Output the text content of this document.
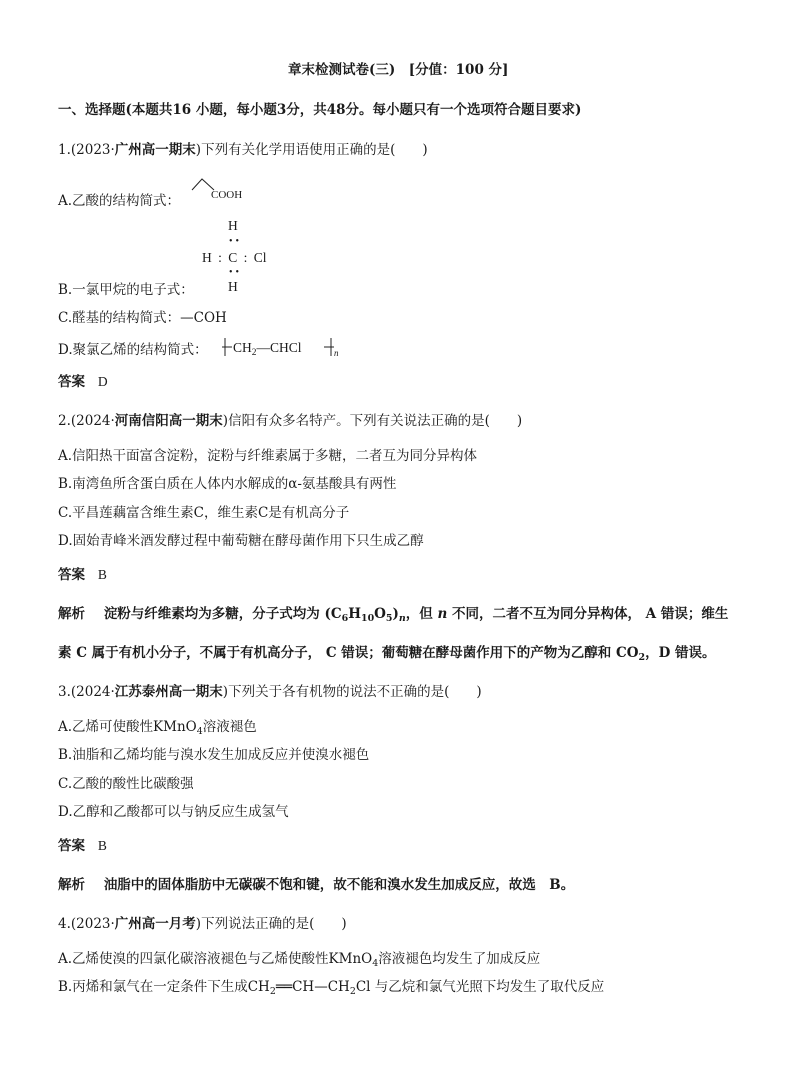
章末检测试卷(三)　[分值：100 分]
一、选择题(本题共16 小题，每小题3分，共48分。每小题只有一个选项符合题目要求)
1.(2023·广州高一期末)下列有关化学用语使用正确的是(　　)
A.乙酸的结构简式：	COOH
H
••
H : C : Cl
••
H
B.一氯甲烷的电子式：
C.醛基的结构简式：—COH
D.聚氯乙烯的结构简式： $CH_2—CHCl$	n
答案 D
2.(2024·河南信阳高一期末)信阳有众多名特产。下列有关说法正确的是(　　)
A.信阳热干面富含淀粉，淀粉与纤维素属于多糖，二者互为同分异构体
B.南湾鱼所含蛋白质在人体内水解成的α-氨基酸具有两性
C.平昌莲藕富含维生素C，维生素C是有机高分子
D.固始青峰米酒发酵过程中葡萄糖在酵母菌作用下只生成乙醇
答案 B
解析 淀粉与纤维素均为多糖，分子式均为 $(C_6H_{10}O_5)_n$，但 n 不同，二者不互为同分异构体， A 错误；维生
素 C 属于有机小分子，不属于有机高分子， C 错误；葡萄糖在酵母菌作用下的产物为乙醇和 $CO_2$，D 错误。
3.(2024·江苏泰州高一期末)下列关于各有机物的说法不正确的是(　　)
A.乙烯可使酸性KMnO$_4$溶液褪色
B.油脂和乙烯均能与溴水发生加成反应并使溴水褪色
C.乙酸的酸性比碳酸强
D.乙醇和乙酸都可以与钠反应生成氢气
答案 B
解析 油脂中的固体脂肪中无碳碳不饱和键，故不能和溴水发生加成反应，故选　B。
4.(2023·广州高一月考)下列说法正确的是(　　)
A.乙烯使溴的四氯化碳溶液褪色与乙烯使酸性KMnO$_4$溶液褪色均发生了加成反应
B.丙烯和氯气在一定条件下生成$CH_2══CH—CH_2Cl$ 与乙烷和氯气光照下均发生了取代反应
